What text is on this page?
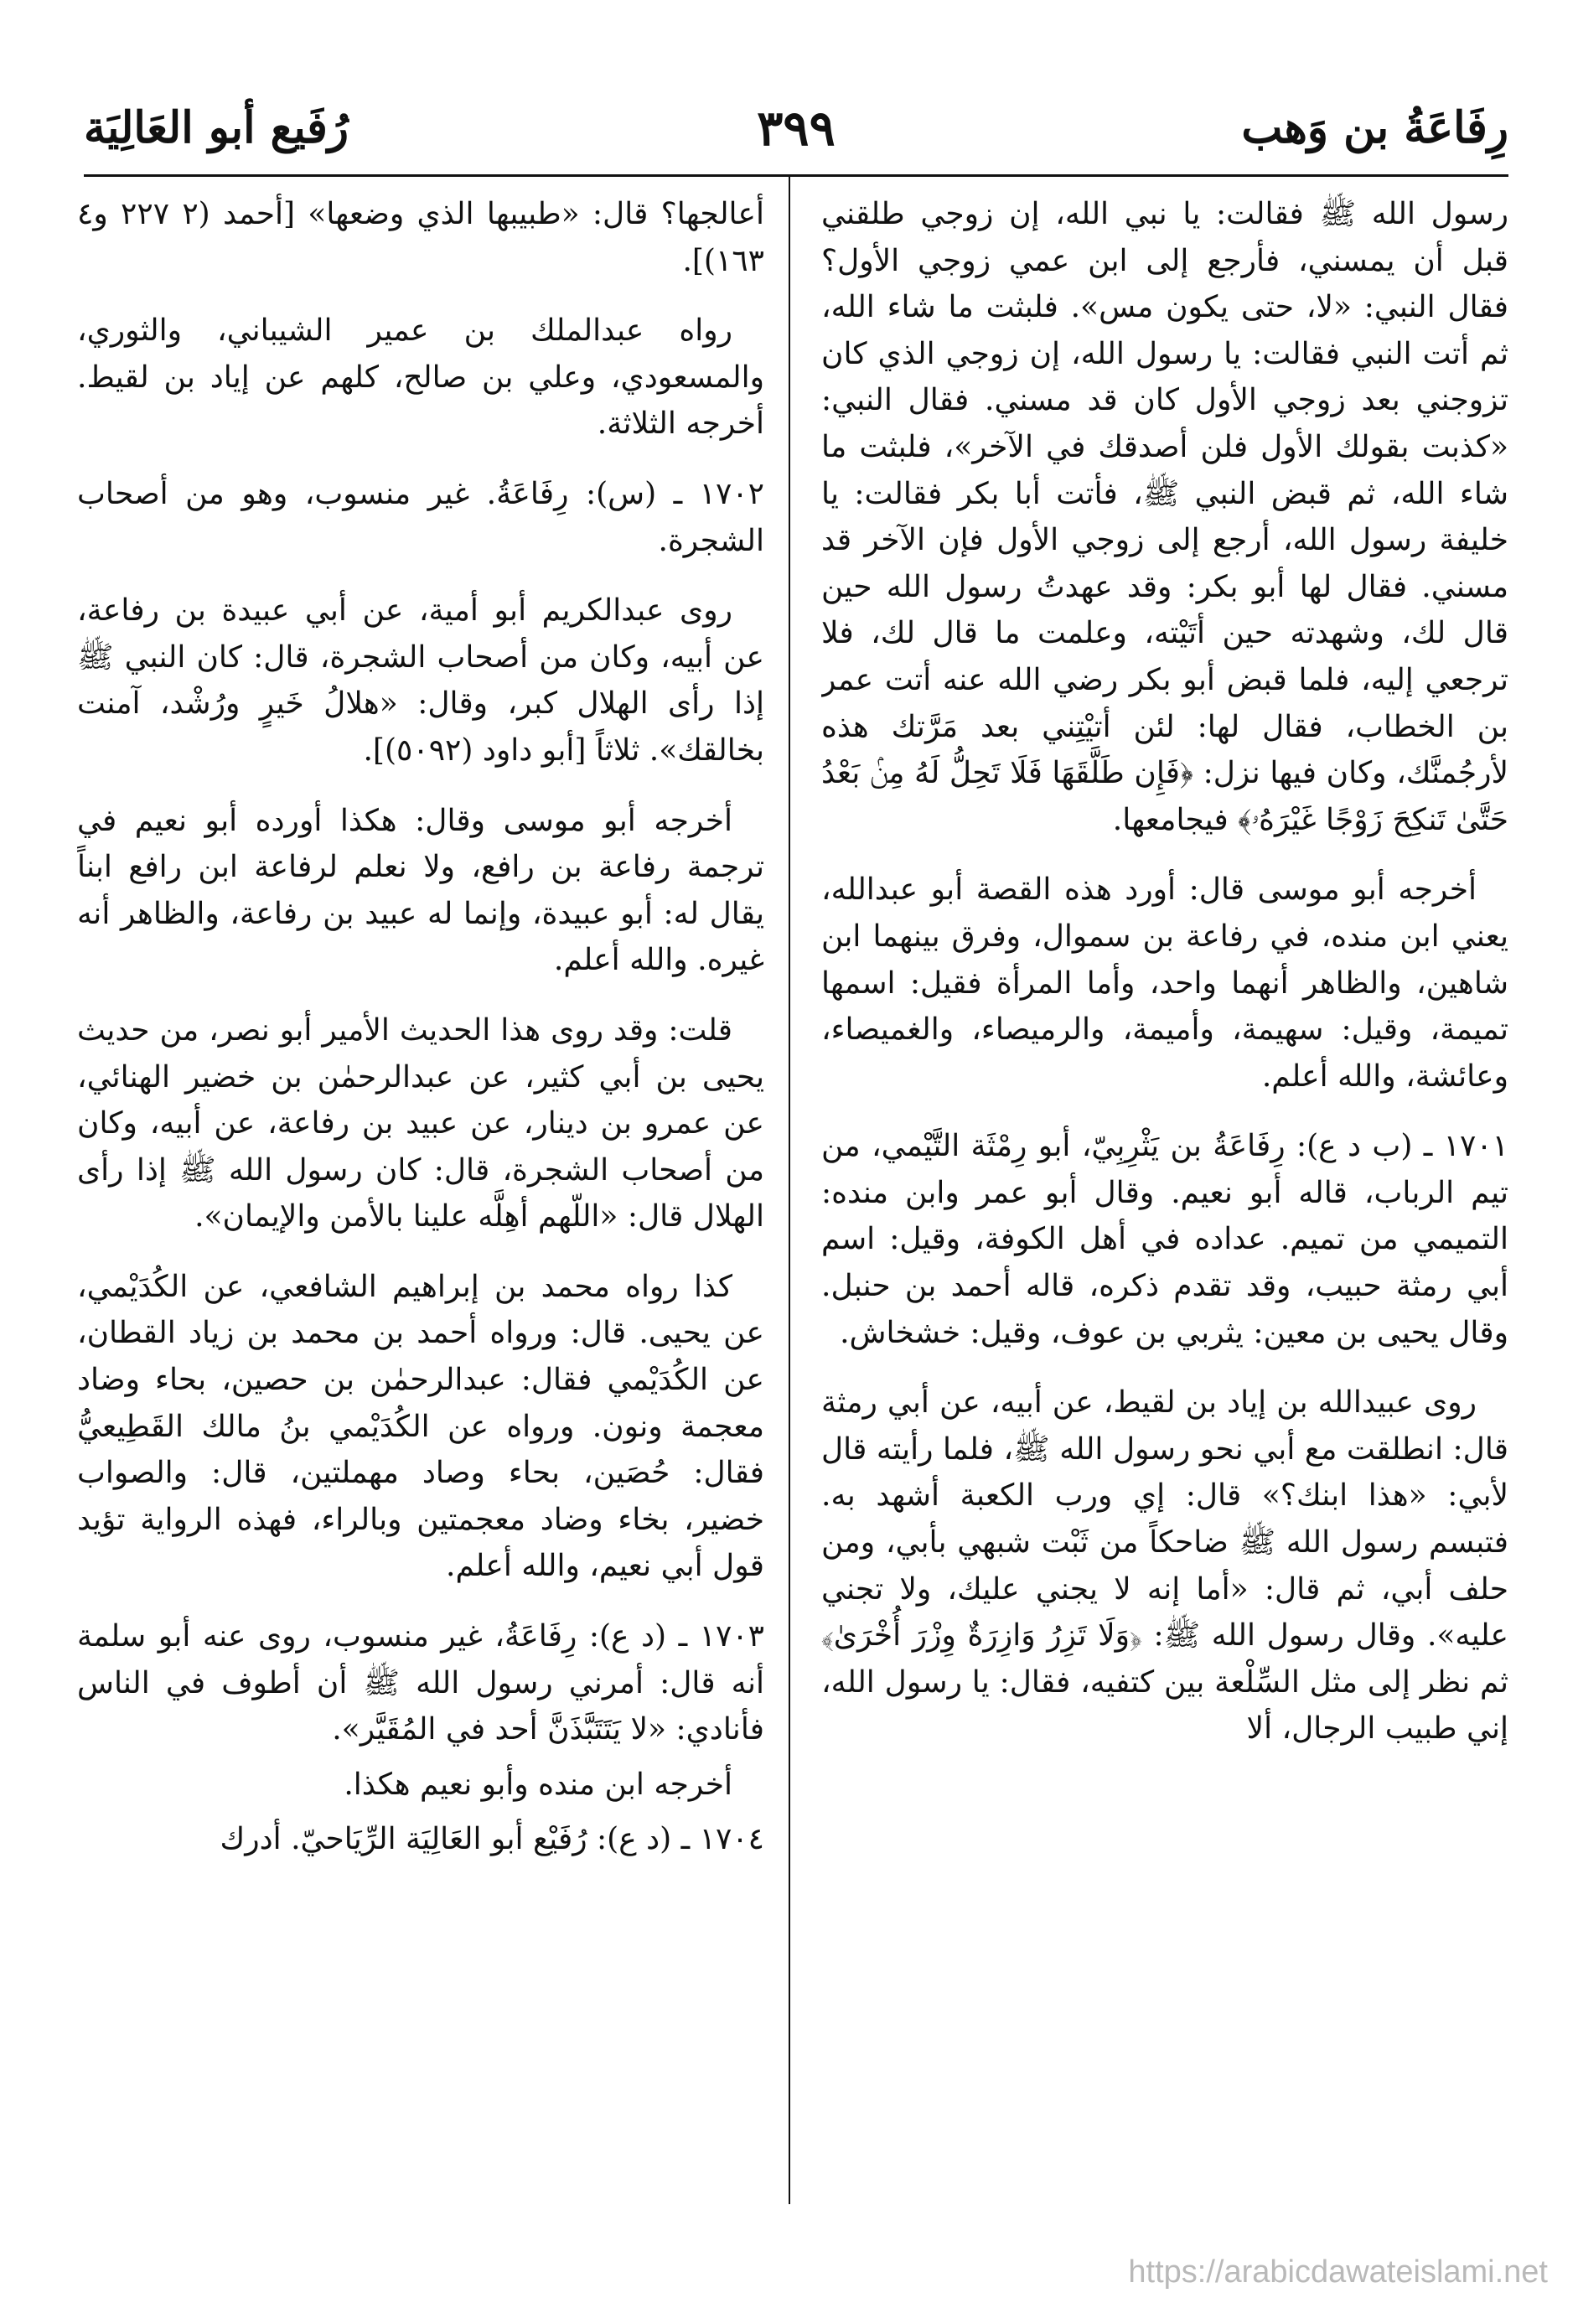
رِفَاعَةُ بن وَهب
٣٩٩
رُفَيع أبو العَالِيَة

رسول الله ﷺ فقالت: يا نبي الله، إن زوجي طلقني قبل أن يمسني، فأرجع إلى ابن عمي زوجي الأول؟ فقال النبي: «لا، حتى يكون مس». فلبثت ما شاء الله، ثم أتت النبي فقالت: يا رسول الله، إن زوجي الذي كان تزوجني بعد زوجي الأول كان قد مسني. فقال النبي: «كذبت بقولك الأول فلن أصدقك في الآخر»، فلبثت ما شاء الله، ثم قبض النبي ﷺ، فأتت أبا بكر فقالت: يا خليفة رسول الله، أرجع إلى زوجي الأول فإن الآخر قد مسني. فقال لها أبو بكر: وقد عهدتُ رسول الله حين قال لك، وشهدته حين أتَيْته، وعلمت ما قال لك، فلا ترجعي إليه، فلما قبض أبو بكر رضي الله عنه أتت عمر بن الخطاب، فقال لها: لئن أتيْتِني بعد مَرَّتك هذه لأرجُمنَّك، وكان فيها نزل: ﴿فَإِن طَلَّقَهَا فَلَا تَحِلُّ لَهُ مِنۢ بَعْدُ حَتَّىٰ تَنكِحَ زَوْجًا غَيْرَهُۥ﴾ فيجامعها.

أخرجه أبو موسى قال: أورد هذه القصة أبو عبدالله، يعني ابن منده، في رفاعة بن سموال، وفرق بينهما ابن شاهين، والظاهر أنهما واحد، وأما المرأة فقيل: اسمها تميمة، وقيل: سهيمة، وأميمة، والرميصاء، والغميصاء، وعائشة، والله أعلم.

١٧٠١ ـ (ب د ع): رِفَاعَةُ بن يَثْرِبِيّ، أبو رِمْثَة التَّيْمي، من تيم الرباب، قاله أبو نعيم. وقال أبو عمر وابن منده: التميمي من تميم. عداده في أهل الكوفة، وقيل: اسم أبي رمثة حبيب، وقد تقدم ذكره، قاله أحمد بن حنبل. وقال يحيى بن معين: يثربي بن عوف، وقيل: خشخاش.

روى عبيدالله بن إياد بن لقيط، عن أبيه، عن أبي رمثة قال: انطلقت مع أبي نحو رسول الله ﷺ، فلما رأيته قال لأبي: «هذا ابنك؟» قال: إي ورب الكعبة أشهد به. فتبسم رسول الله ﷺ ضاحكاً من ثَبْت شبهي بأبي، ومن حلف أبي، ثم قال: «أما إنه لا يجني عليك، ولا تجني عليه». وقال رسول الله ﷺ: ﴿وَلَا تَزِرُ وَازِرَةٌ وِزْرَ أُخْرَىٰ﴾ ثم نظر إلى مثل السِّلْعة بين كتفيه، فقال: يا رسول الله، إني طبيب الرجال، ألا

أعالجها؟ قال: «طبيبها الذي وضعها» [أحمد (٢ ٢٢٧ و٤ ١٦٣)].

رواه عبدالملك بن عمير الشيباني، والثوري، والمسعودي، وعلي بن صالح، كلهم عن إياد بن لقيط. أخرجه الثلاثة.

١٧٠٢ ـ (س): رِفَاعَةُ. غير منسوب، وهو من أصحاب الشجرة.

روى عبدالكريم أبو أمية، عن أبي عبيدة بن رفاعة، عن أبيه، وكان من أصحاب الشجرة، قال: كان النبي ﷺ إذا رأى الهلال كبر، وقال: «هلالُ خَيرٍ ورُشْد، آمنت بخالقك». ثلاثاً [أبو داود (٥٠٩٢)].

أخرجه أبو موسى وقال: هكذا أورده أبو نعيم في ترجمة رفاعة بن رافع، ولا نعلم لرفاعة ابن رافع ابناً يقال له: أبو عبيدة، وإنما له عبيد بن رفاعة، والظاهر أنه غيره. والله أعلم.

قلت: وقد روى هذا الحديث الأمير أبو نصر، من حديث يحيى بن أبي كثير، عن عبدالرحمٰن بن خضير الهنائي، عن عمرو بن دينار، عن عبيد بن رفاعة، عن أبيه، وكان من أصحاب الشجرة، قال: كان رسول الله ﷺ إذا رأى الهلال قال: «اللّهم أهِلَّه علينا بالأمن والإيمان».

كذا رواه محمد بن إبراهيم الشافعي، عن الكُدَيْمي، عن يحيى. قال: ورواه أحمد بن محمد بن زياد القطان، عن الكُدَيْمي فقال: عبدالرحمٰن بن حصين، بحاء وضاد معجمة ونون. ورواه عن الكُدَيْمي بنُ مالك القَطِيعيُّ فقال: حُصَين، بحاء وصاد مهملتين، قال: والصواب خضير، بخاء وضاد معجمتين وبالراء، فهذه الرواية تؤيد قول أبي نعيم، والله أعلم.

١٧٠٣ ـ (د ع): رِفَاعَةُ، غير منسوب، روى عنه أبو سلمة أنه قال: أمرني رسول الله ﷺ أن أطوف في الناس فأنادي: «لا يَتَتَبَّذَنَّ أحد في المُقَيَّر».

أخرجه ابن منده وأبو نعيم هكذا.

١٧٠٤ ـ (د ع): رُفَيْع أبو العَالِيَة الرِّيَاحيّ. أدرك

https://arabicdawateislami.net
